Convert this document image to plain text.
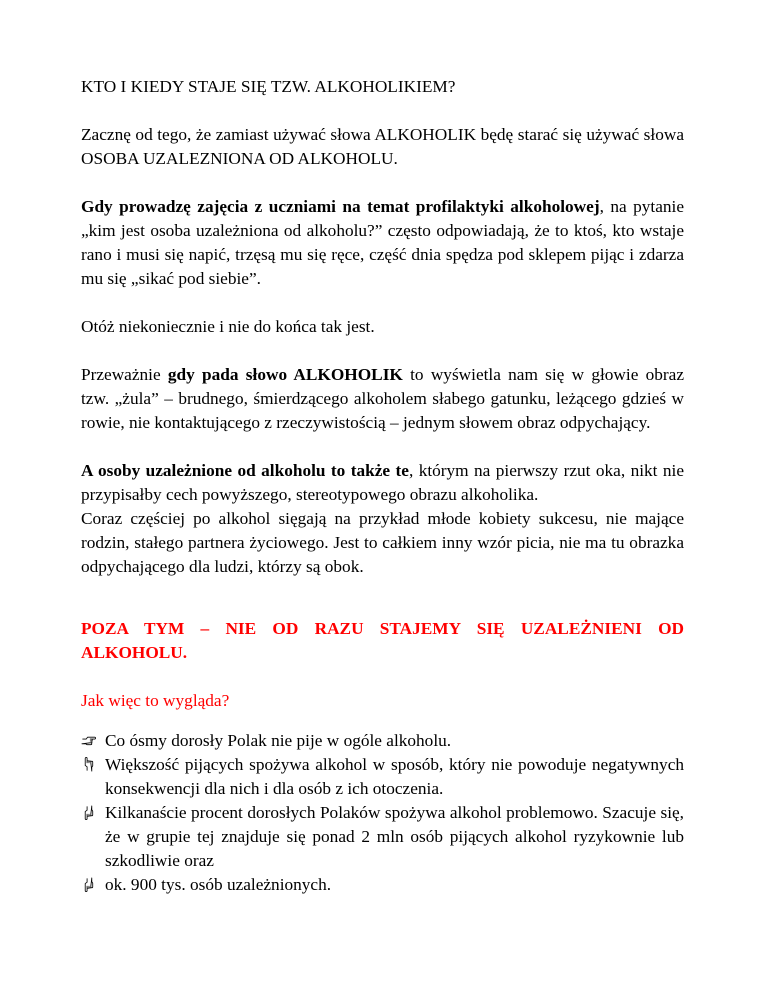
KTO I KIEDY STAJE SIĘ TZW. ALKOHOLIKIEM?

Zacznę od tego, że zamiast używać słowa ALKOHOLIK będę starać się używać słowa OSOBA UZALEZNIONA OD ALKOHOLU.

Gdy prowadzę zajęcia z uczniami na temat profilaktyki alkoholowej, na pytanie „kim jest osoba uzależniona od alkoholu?” często odpowiadają, że to ktoś, kto wstaje rano i musi się napić, trzęsą mu się ręce, część dnia spędza pod sklepem pijąc i zdarza mu się „sikać pod siebie”.

Otóż niekoniecznie i nie do końca tak jest.

Przeważnie gdy pada słowo ALKOHOLIK to wyświetla nam się w głowie obraz tzw. „żula” – brudnego, śmierdzącego alkoholem słabego gatunku, leżącego gdzieś w rowie, nie kontaktującego z rzeczywistością – jednym słowem obraz odpychający.

A osoby uzależnione od alkoholu to także te, którym na pierwszy rzut oka, nikt nie przypisałby cech powyższego, stereotypowego obrazu alkoholika.

Coraz częściej po alkohol sięgają na przykład młode kobiety sukcesu, nie mające rodzin, stałego partnera życiowego. Jest to całkiem inny wzór picia, nie ma tu obrazka odpychającego dla ludzi, którzy są obok.

POZA TYM – NIE OD RAZU STAJEMY SIĘ UZALEŻNIENI OD ALKOHOLU.

Jak więc to wygląda?

Co ósmy dorosły Polak nie pije w ogóle alkoholu.
Większość pijących spożywa alkohol w sposób, który nie powoduje negatywnych konsekwencji dla nich i dla osób z ich otoczenia.
Kilkanaście procent dorosłych Polaków spożywa alkohol problemowo. Szacuje się, że w grupie tej znajduje się ponad 2 mln osób pijących alkohol ryzykownie lub szkodliwie oraz
ok. 900 tys. osób uzależnionych.
